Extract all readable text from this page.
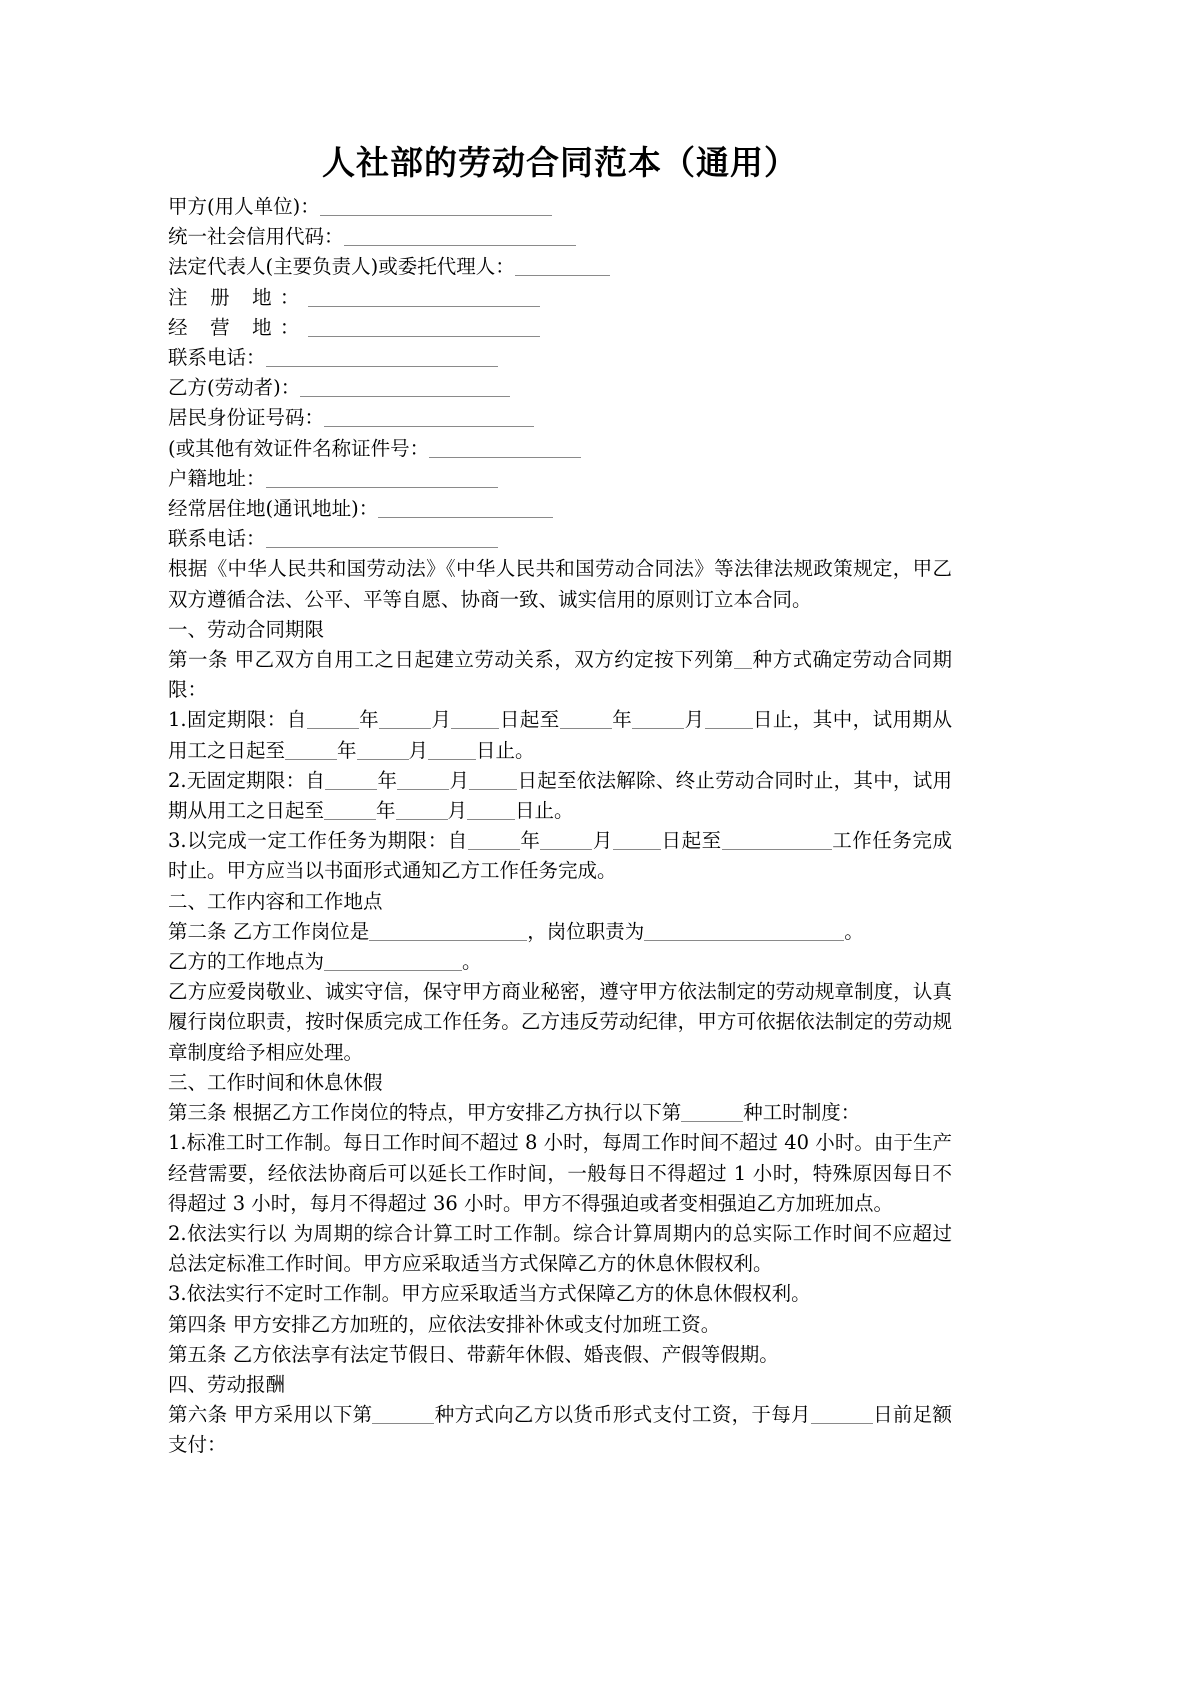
人社部的劳动合同范本（通用）

甲方(用人单位)：

统一社会信用代码：

法定代表人(主要负责人)或委托代理人：

注 册 地：

经 营 地：

联系电话：

乙方(劳动者)：

居民身份证号码：

(或其他有效证件名称证件号：

户籍地址：

经常居住地(通讯地址)：

联系电话：

根据《中华人民共和国劳动法》《中华人民共和国劳动合同法》等法律法规政策规定，甲乙双方遵循合法、公平、平等自愿、协商一致、诚实信用的原则订立本合同。

一、劳动合同期限

第一条 甲乙双方自用工之日起建立劳动关系，双方约定按下列第 种方式确定劳动合同期限：

1.固定期限：自	年	月 日起至	年	月 日止，其中，试用期从用工之日起至	年	月 日止。

2.无固定期限：自	年	月 日起至依法解除、终止劳动合同时止，其中，试用期从用工之日起至	年	月 日止。

3.以完成一定工作任务为期限：自	年	月 日起至	工作任务完成时止。甲方应当以书面形式通知乙方工作任务完成。

二、工作内容和工作地点

第二条 乙方工作岗位是	，岗位职责为	。

乙方的工作地点为	。

乙方应爱岗敬业、诚实守信，保守甲方商业秘密，遵守甲方依法制定的劳动规章制度，认真履行岗位职责，按时保质完成工作任务。乙方违反劳动纪律，甲方可依据依法制定的劳动规章制度给予相应处理。

三、工作时间和休息休假

第三条 根据乙方工作岗位的特点，甲方安排乙方执行以下第	种工时制度：

1.标准工时工作制。每日工作时间不超过 8 小时，每周工作时间不超过 40 小时。由于生产经营需要，经依法协商后可以延长工作时间，一般每日不得超过 1 小时，特殊原因每日不得超过 3 小时，每月不得超过 36 小时。甲方不得强迫或者变相强迫乙方加班加点。

2.依法实行以 为周期的综合计算工时工作制。综合计算周期内的总实际工作时间不应超过总法定标准工作时间。甲方应采取适当方式保障乙方的休息休假权利。

3.依法实行不定时工作制。甲方应采取适当方式保障乙方的休息休假权利。

第四条 甲方安排乙方加班的，应依法安排补休或支付加班工资。

第五条 乙方依法享有法定节假日、带薪年休假、婚丧假、产假等假期。

四、劳动报酬

第六条 甲方采用以下第	种方式向乙方以货币形式支付工资，于每月	日前足额支付：
